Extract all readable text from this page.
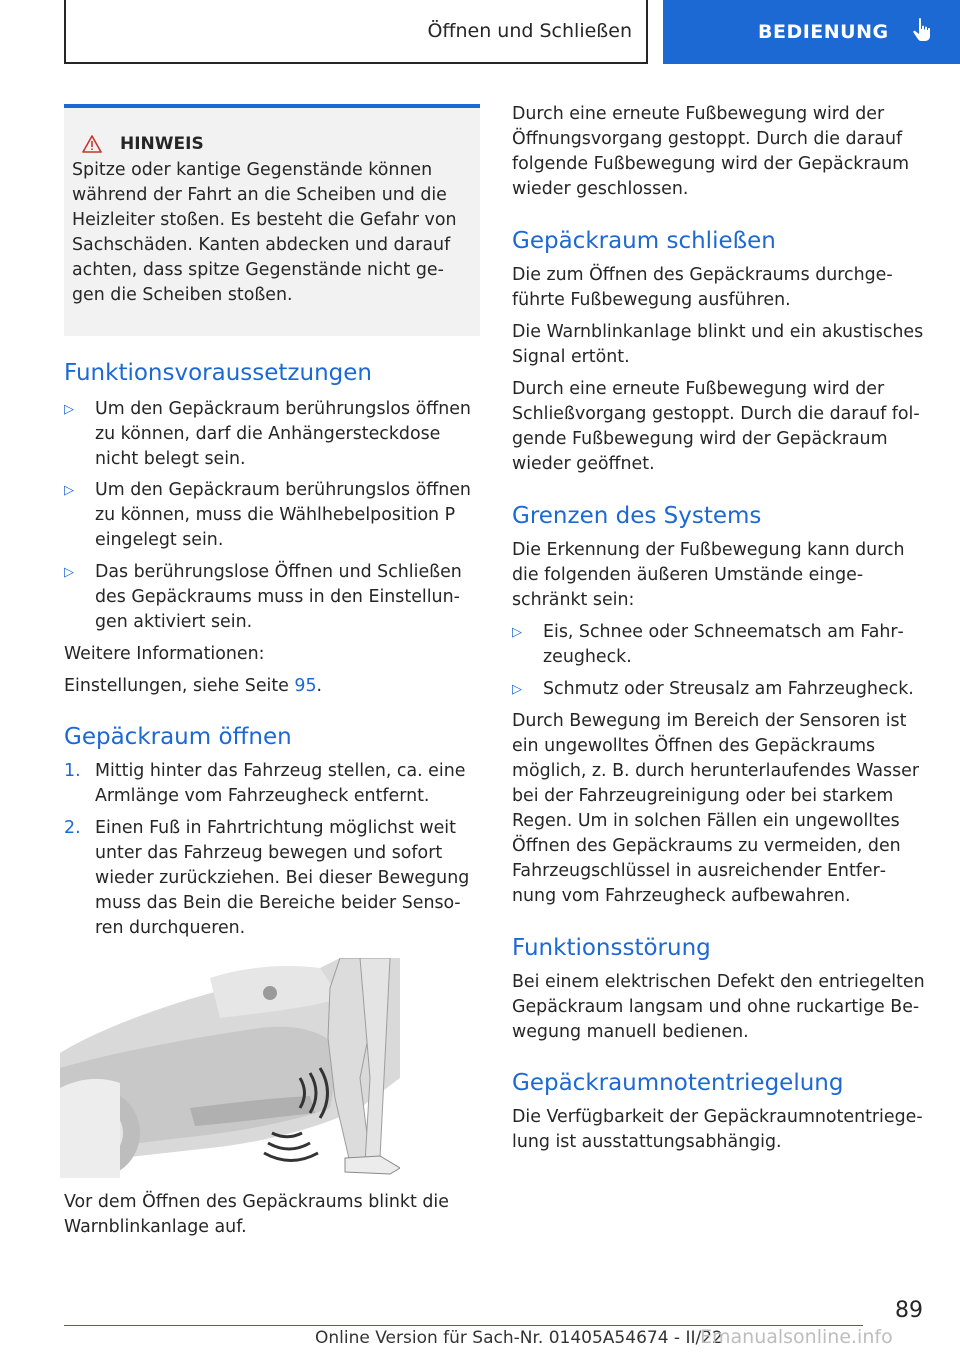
Öffnen und Schließen	BEDIENUNG
HINWEIS

Spitze oder kantige Gegenstände können

während der Fahrt an die Scheiben und die

Heizleiter stoßen. Es besteht die Gefahr von

Sachschäden. Kanten abdecken und darauf

achten, dass spitze Gegenstände nicht ge‐

gen die Scheiben stoßen.

Funktionsvoraussetzungen
▷	Um den Gepäckraum berührungslos öffnen

zu können, darf die Anhängersteckdose

nicht belegt sein.

▷	Um den Gepäckraum berührungslos öffnen

zu können, muss die Wählhebelposition P

eingelegt sein.

▷	Das berührungslose Öffnen und Schließen

des Gepäckraums muss in den Einstellun‐

gen aktiviert sein.

Weitere Informationen:

Einstellungen, siehe Seite 95.

Gepäckraum öffnen
1. Mittig hinter das Fahrzeug stellen, ca. eine

Armlänge vom Fahrzeugheck entfernt.

2. Einen Fuß in Fahrtrichtung möglichst weit

unter das Fahrzeug bewegen und sofort

wieder zurückziehen. Bei dieser Bewegung

muss das Bein die Bereiche beider Senso‐

ren durchqueren.

Vor dem Öffnen des Gepäckraums blinkt die

Warnblinkanlage auf.

Durch eine erneute Fußbewegung wird der

Öffnungsvorgang gestoppt. Durch die darauf

folgende Fußbewegung wird der Gepäckraum

wieder geschlossen.

Gepäckraum schließen

Die zum Öffnen des Gepäckraums durchge‐

führte Fußbewegung ausführen.

Die Warnblinkanlage blinkt und ein akustisches

Signal ertönt.

Durch eine erneute Fußbewegung wird der

Schließvorgang gestoppt. Durch die darauf fol‐

gende Fußbewegung wird der Gepäckraum

wieder geöffnet.

Grenzen des Systems

Die Erkennung der Fußbewegung kann durch

die folgenden äußeren Umstände einge‐

schränkt sein:

▷	Eis, Schnee oder Schneematsch am Fahr‐

zeugheck.

▷	Schmutz oder Streusalz am Fahrzeugheck.

Durch Bewegung im Bereich der Sensoren ist

ein ungewolltes Öffnen des Gepäckraums

möglich, z. B. durch herunterlaufendes Wasser

bei der Fahrzeugreinigung oder bei starkem

Regen. Um in solchen Fällen ein ungewolltes

Öffnen des Gepäckraums zu vermeiden, den

Fahrzeugschlüssel in ausreichender Entfer‐

nung vom Fahrzeugheck aufbewahren.

Funktionsstörung

Bei einem elektrischen Defekt den entriegelten

Gepäckraum langsam und ohne ruckartige Be‐

wegung manuell bedienen.

Gepäckraumnotentriegelung

Die Verfügbarkeit der Gepäckraumnotentriege‐

lung ist ausstattungsabhängig.

89
Online Version für Sach-Nr. 01405A54674 - II/22
Emanualsonline.info
